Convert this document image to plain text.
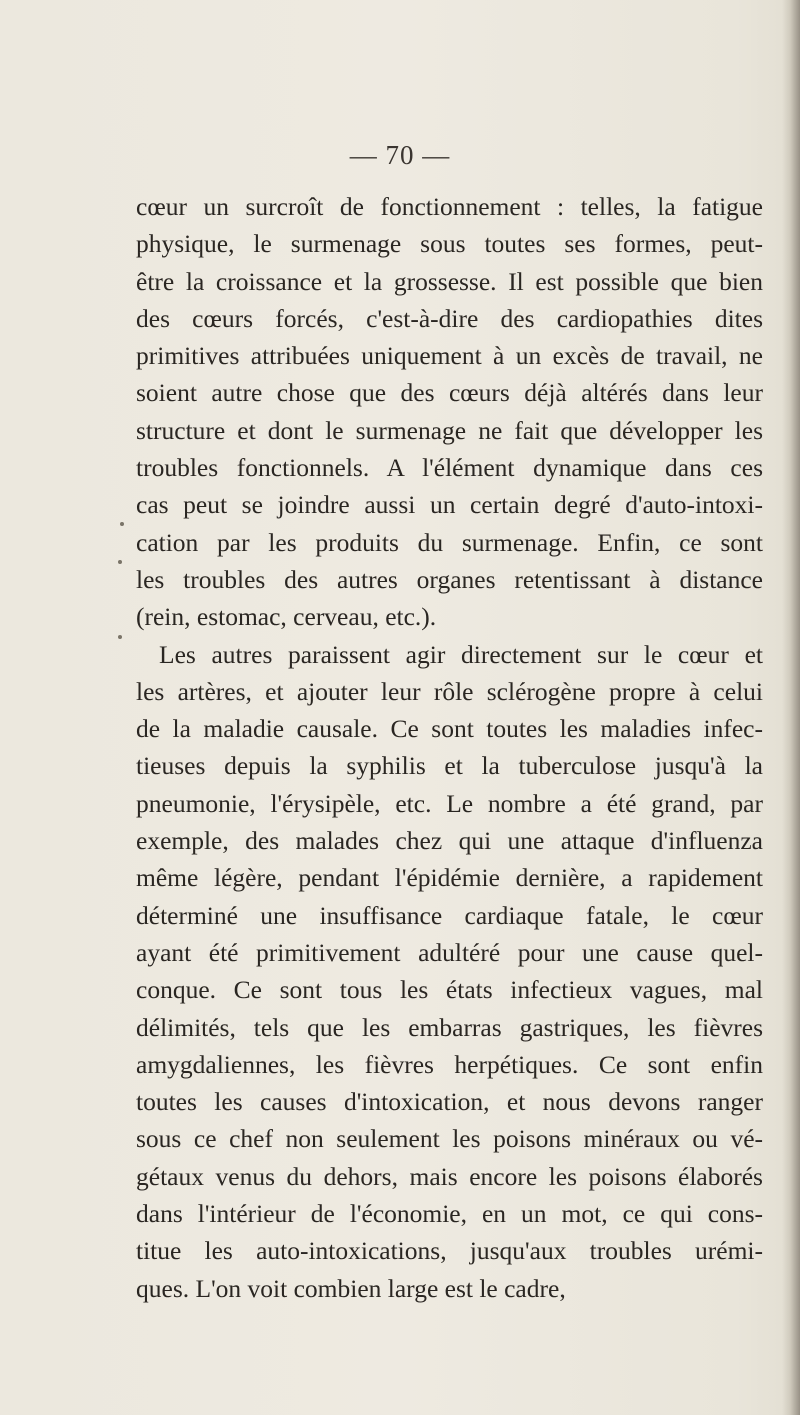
— 70 —
cœur un surcroît de fonctionnement : telles, la fatigue
physique, le surmenage sous toutes ses formes, peut-
être la croissance et la grossesse. Il est possible que bien
des cœurs forcés, c'est-à-dire des cardiopathies dites
primitives attribuées uniquement à un excès de travail, ne
soient autre chose que des cœurs déjà altérés dans leur
structure et dont le surmenage ne fait que développer les
troubles fonctionnels. A l'élément dynamique dans ces
cas peut se joindre aussi un certain degré d'auto-intoxi-
cation par les produits du surmenage. Enfin, ce sont
les troubles des autres organes retentissant à distance
(rein, estomac, cerveau, etc.).
Les autres paraissent agir directement sur le cœur et
les artères, et ajouter leur rôle sclérogène propre à celui
de la maladie causale. Ce sont toutes les maladies infec-
tieuses depuis la syphilis et la tuberculose jusqu'à la
pneumonie, l'érysipèle, etc. Le nombre a été grand, par
exemple, des malades chez qui une attaque d'influenza
même légère, pendant l'épidémie dernière, a rapidement
déterminé une insuffisance cardiaque fatale, le cœur
ayant été primitivement adultéré pour une cause quel-
conque. Ce sont tous les états infectieux vagues, mal
délimités, tels que les embarras gastriques, les fièvres
amygdaliennes, les fièvres herpétiques. Ce sont enfin
toutes les causes d'intoxication, et nous devons ranger
sous ce chef non seulement les poisons minéraux ou vé-
gétaux venus du dehors, mais encore les poisons élaborés
dans l'intérieur de l'économie, en un mot, ce qui cons-
titue les auto-intoxications, jusqu'aux troubles urémi-
ques. L'on voit combien large est le cadre,
